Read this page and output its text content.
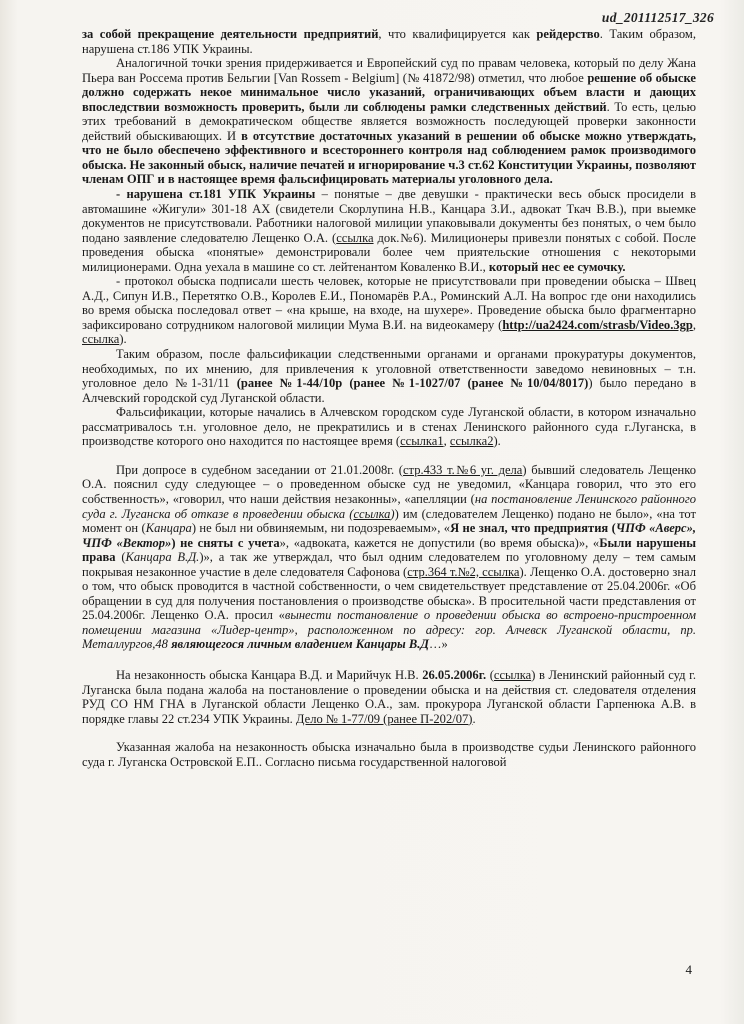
ud_201112517_326

за собой прекращение деятельности предприятий, что квалифицируется как рейдерство. Таким образом, нарушена ст.186 УПК Украины.

Аналогичной точки зрения придерживается и Европейский суд по правам человека, который по делу Жана Пьера ван Россема против Бельгии [Van Rossem - Belgium] (№ 41872/98) отметил, что любое решение об обыске должно содержать некое минимальное число указаний, ограничивающих объем власти и дающих впоследствии возможность проверить, были ли соблюдены рамки следственных действий. То есть, целью этих требований в демократическом обществе является возможность последующей проверки законности действий обыскивающих. И в отсутствие достаточных указаний в решении об обыске можно утверждать, что не было обеспечено эффективного и всестороннего контроля над соблюдением рамок производимого обыска. Не законный обыск, наличие печатей и игнорирование ч.3 ст.62 Конституции Украины, позволяют членам ОПГ и в настоящее время фальсифицировать материалы уголовного дела.

- нарушена ст.181 УПК Украины – понятые – две девушки - практически весь обыск просидели в автомашине «Жигули» 301-18 АХ (свидетели Скорлупина Н.В., Канцара З.И., адвокат Ткач В.В.), при выемке документов не присутствовали. Работники налоговой милиции упаковывали документы без понятых, о чем было подано заявление следователю Лещенко О.А. (ссылка док.№6). Милиционеры привезли понятых с собой. После проведения обыска «понятые» демонстрировали более чем приятельские отношения с некоторыми милиционерами. Одна уехала в машине со ст. лейтенантом Коваленко В.И., который нес ее сумочку.

- протокол обыска подписали шесть человек, которые не присутствовали при проведении обыска – Швец А.Д., Сипун И.В., Перетятко О.В., Королев Е.И., Пономарёв Р.А., Роминский А.Л. На вопрос где они находились во время обыска последовал ответ – «на крыше, на входе, на шухере». Проведение обыска было фрагментарно зафиксировано сотрудником налоговой милиции Мума В.И. на видеокамеру (http://ua2424.com/strasb/Video.3gp, ссылка).

Таким образом, после фальсификации следственными органами и органами прокуратуры документов, необходимых, по их мнению, для привлечения к уголовной ответственности заведомо невиновных – т.н. уголовное дело №1-31/11 (ранее №1-44/10р (ранее №1-1027/07 (ранее №10/04/8017)) было передано в Алчевский городской суд Луганской области.

Фальсификации, которые начались в Алчевском городском суде Луганской области, в котором изначально рассматривалось т.н. уголовное дело, не прекратились и в стенах Ленинского районного суда г.Луганска, в производстве которого оно находится по настоящее время (ссылка1, ссылка2).

При допросе в судебном заседании от 21.01.2008г. (стр.433 т.№6 уг. дела) бывший следователь Лещенко О.А. пояснил суду следующее – о проведенном обыске суд не уведомил, «Канцара говорил, что это его собственность», «говорил, что наши действия незаконны», «апелляции (на постановление Ленинского районного суда г. Луганска об отказе в проведении обыска (ссылка)) им (следователем Лещенко) подано не было», «на тот момент он (Канцара) не был ни обвиняемым, ни подозреваемым», «Я не знал, что предприятия (ЧПФ «Аверс», ЧПФ «Вектор») не сняты с учета», «адвоката, кажется не допустили (во время обыска)», «Были нарушены права (Канцара В.Д.)», а так же утверждал, что был одним следователем по уголовному делу – тем самым покрывая незаконное участие в деле следователя Сафонова (стр.364 т.№2, ссылка). Лещенко О.А. достоверно знал о том, что обыск проводится в частной собственности, о чем свидетельствует представление от 25.04.2006г. «Об обращении в суд для получения постановления о производстве обыска». В просительной части представления от 25.04.2006г. Лещенко О.А. просил «вынести постановление о проведении обыска во встроено-пристроенном помещении магазина «Лидер-центр», расположенном по адресу: гор. Алчевск Луганской области, пр. Металлургов,48 являющегося личным владением Канцары В.Д…»

На незаконность обыска Канцара В.Д. и Марийчук Н.В. 26.05.2006г. (ссылка) в Ленинский районный суд г. Луганска была подана жалоба на постановление о проведении обыска и на действия ст. следователя отделения РУД СО НМ ГНА в Луганской области Лещенко О.А., зам. прокурора Луганской области Гарпенюка А.В. в порядке главы 22 ст.234 УПК Украины. Дело № 1-77/09 (ранее П-202/07).

Указанная жалоба на незаконность обыска изначально была в производстве судьи Ленинского районного суда г. Луганска Островской Е.П.. Согласно письма государственной налоговой

4
